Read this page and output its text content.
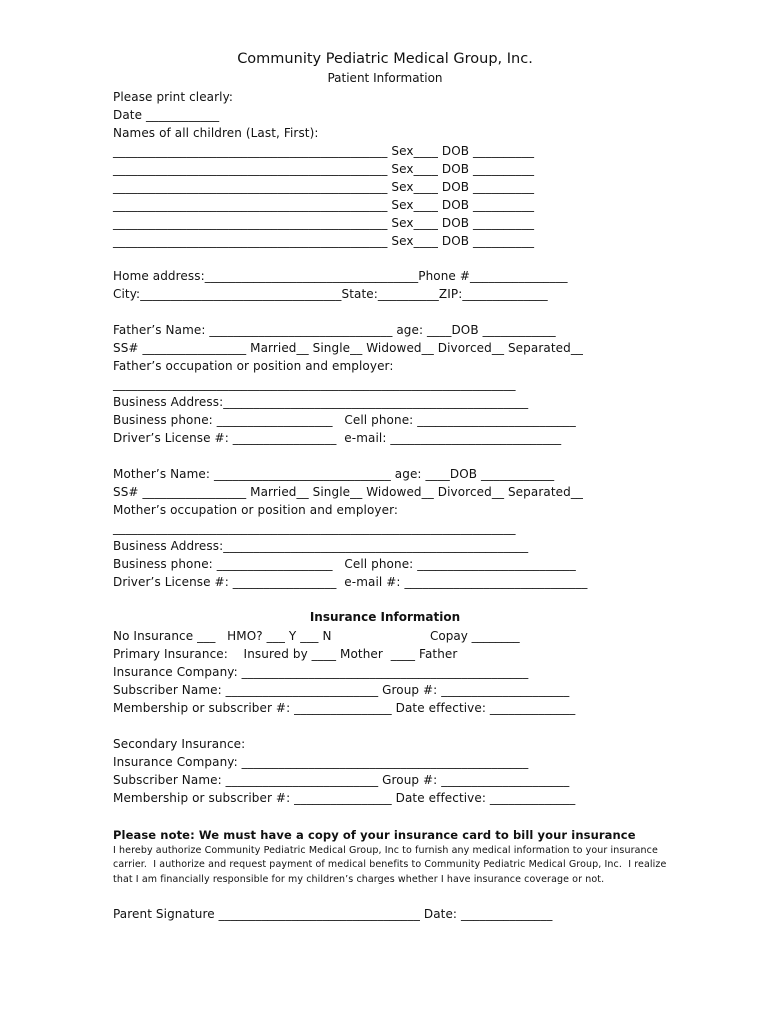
Community Pediatric Medical Group, Inc.
Patient Information
Please print clearly:
Date ____________
Names of all children (Last, First):
_____________________________________________ Sex____ DOB __________
_____________________________________________ Sex____ DOB __________
_____________________________________________ Sex____ DOB __________
_____________________________________________ Sex____ DOB __________
_____________________________________________ Sex____ DOB __________
_____________________________________________ Sex____ DOB __________
Home address:___________________________________Phone #________________
City:_________________________________State:__________ZIP:______________
Father’s Name: ______________________________ age: ____DOB ____________
SS# _________________ Married__ Single__ Widowed__ Divorced__ Separated__
Father’s occupation or position and employer:
__________________________________________________________________
Business Address:__________________________________________________
Business phone: ___________________   Cell phone: __________________________
Driver’s License #: _________________  e-mail: ____________________________
Mother’s Name: _____________________________ age: ____DOB ____________
SS# _________________ Married__ Single__ Widowed__ Divorced__ Separated__
Mother’s occupation or position and employer:
__________________________________________________________________
Business Address:__________________________________________________
Business phone: ___________________   Cell phone: __________________________
Driver’s License #: _________________  e-mail #: ______________________________
Insurance Information
No Insurance ___   HMO? ___ Y ___ N	Copay ________
Primary Insurance:    Insured by ____ Mother  ____ Father
Insurance Company: _______________________________________________
Subscriber Name: _________________________ Group #: _____________________
Membership or subscriber #: ________________ Date effective: ______________
Secondary Insurance:
Insurance Company: _______________________________________________
Subscriber Name: _________________________ Group #: _____________________
Membership or subscriber #: ________________ Date effective: ______________
Please note: We must have a copy of your insurance card to bill your insurance
I hereby authorize Community Pediatric Medical Group, Inc to furnish any medical information to your insurance
carrier.  I authorize and request payment of medical benefits to Community Pediatric Medical Group, Inc.  I realize
that I am financially responsible for my children’s charges whether I have insurance coverage or not.
Parent Signature _________________________________ Date: _______________
